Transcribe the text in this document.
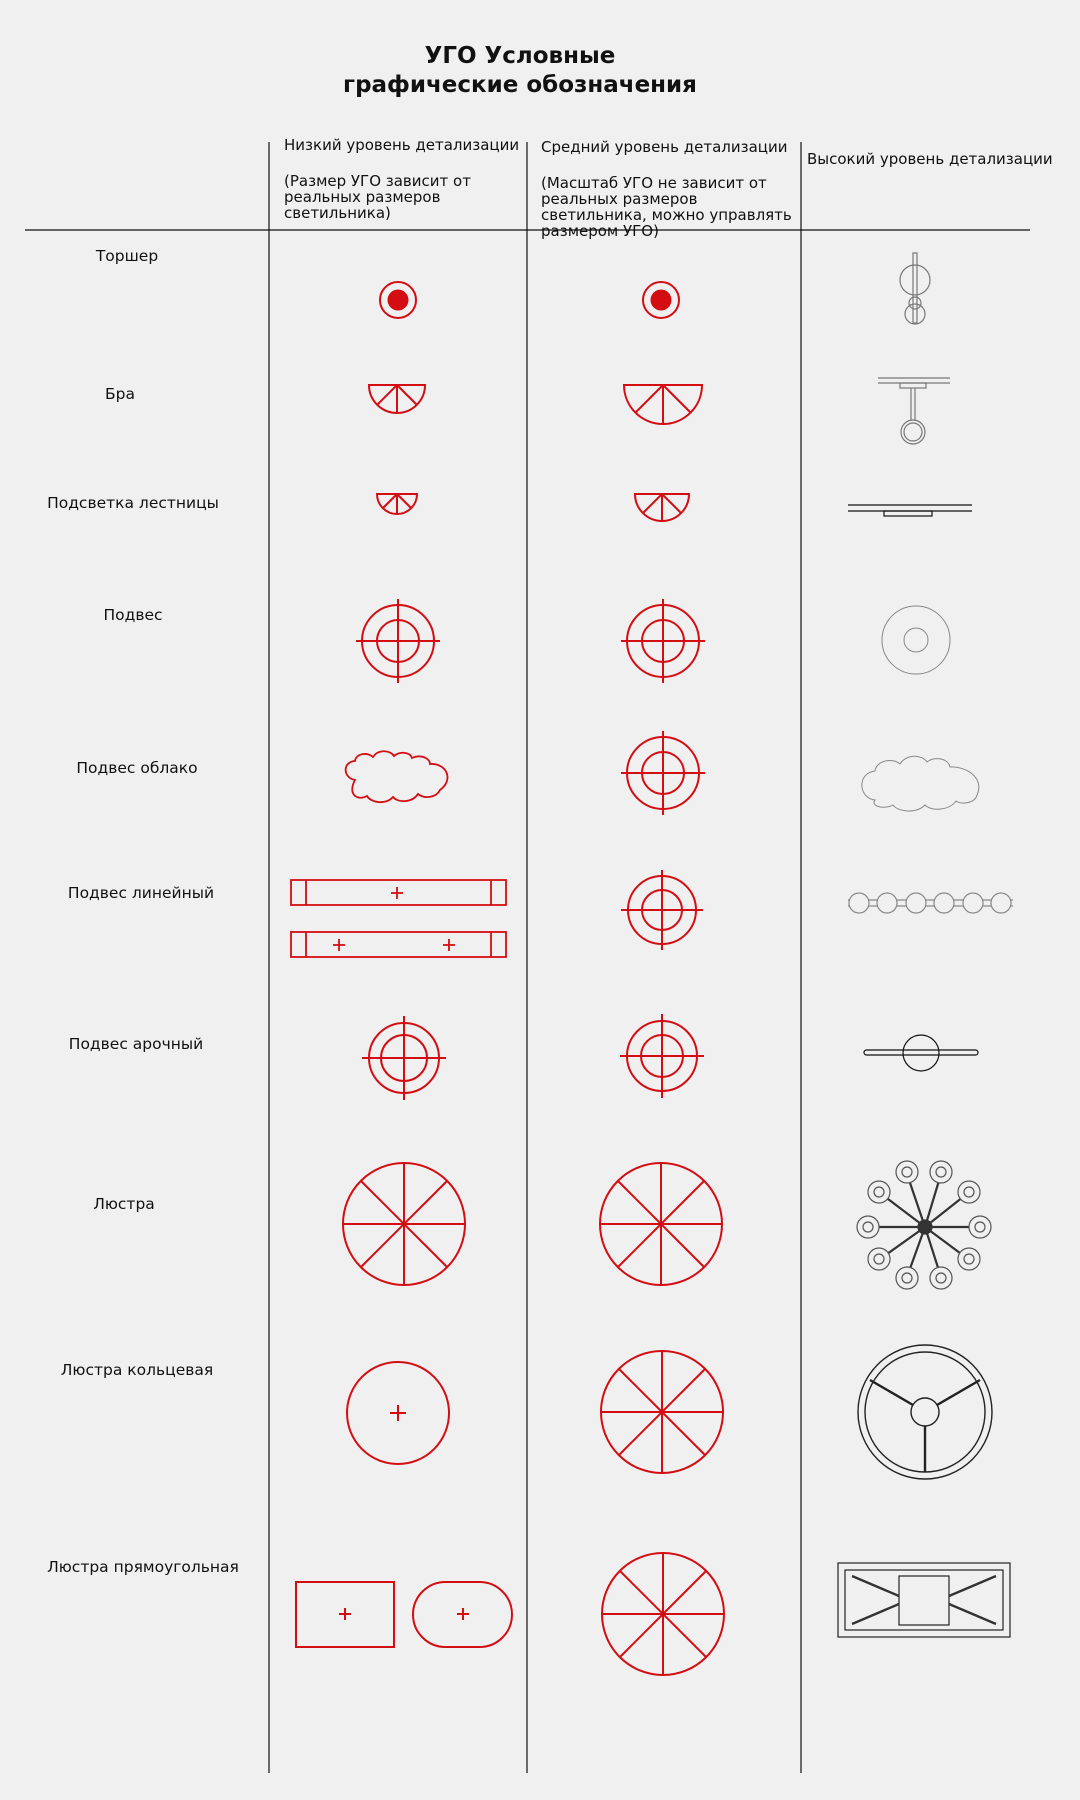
УГО Условные графические обозначения
Низкий уровень детализации
(Размер УГО зависит от реальных размеров светильника)
Средний уровень детализации
(Масштаб УГО не зависит от реальных размеров светильника, можно управлять размером УГО)
Высокий уровень детализации
Торшер
Бра
Подсветка лестницы
Подвес
Подвес облако
Подвес линейный
Подвес арочный
Люстра
Люстра кольцевая
Люстра прямоугольная
